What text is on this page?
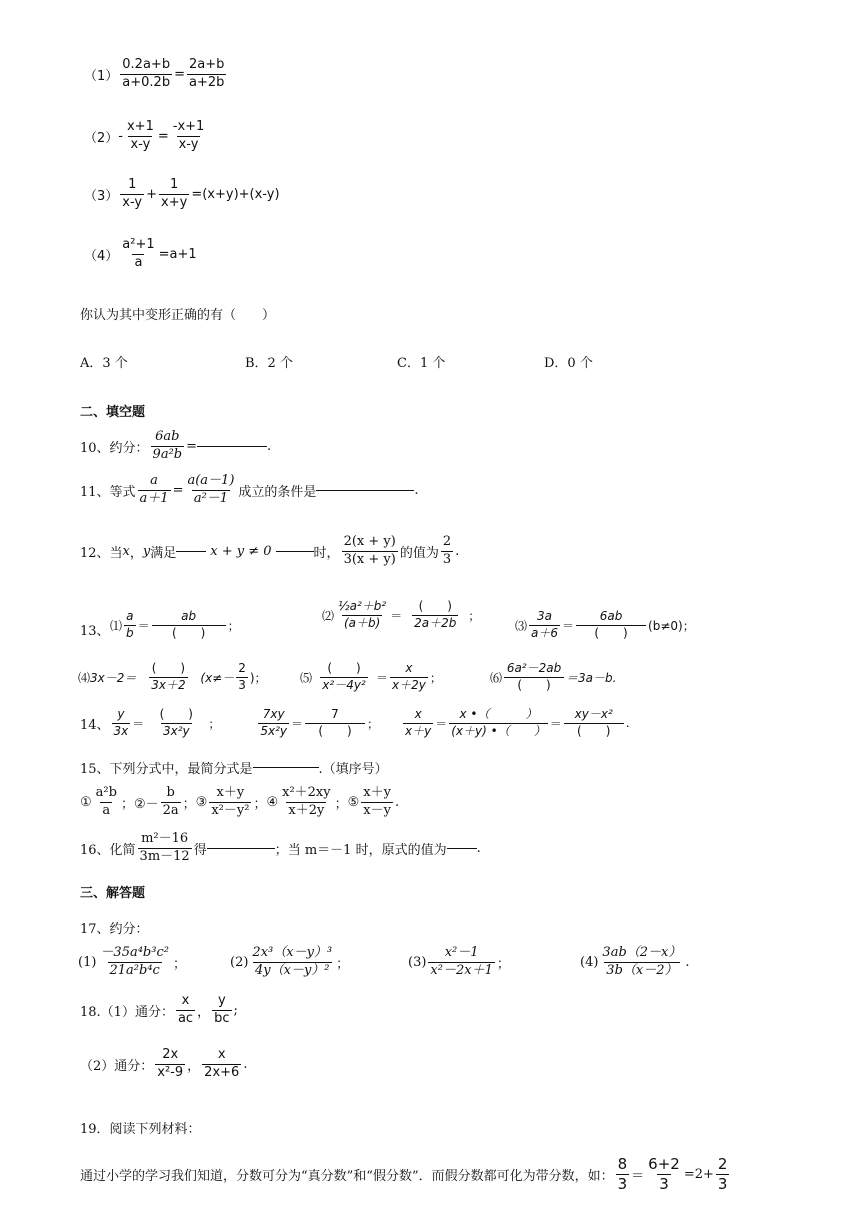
$(1) \frac{0.2a+b}{a+0.2b} = \frac{2a+b}{a+2b}$
$(2) - \frac{x+1}{x-y} = \frac{-x+1}{x-y}$
$(3) \frac{1}{x-y} + \frac{1}{x+y} =(x+y)+(x-y)$
$(4) \frac{\text{a²+1}}{a} =a+1$
你认为其中变形正确的有（　　）
A．3 个	B．2 个	C．1 个	D．0 个
二、填空题
10、约分： $\frac{6ab}{\text{9a²b}}$ =	.
11、等式 $\frac{a}{a+1} = \frac{a(a-1)}{\text{a²－1}}$ 成立的条件是	.
12、当 x ， y 满足	x + y ≠ 0	时， $\frac{2(x + y)}{3(x + y)}$ 的值为 $\frac{2}{3}$ .
13、 ⑴ $\frac{a}{b} = \frac{ab}{( )}$ ；
⑵ $\frac{\text{½a²＋b²}}{(a+b)} = \frac{( )}{2a+2b}$ ；
⑶ $\frac{3a}{a+6} = \frac{6ab}{( )} (b\ne 0)$；
⑷ $3x-2= \frac{( )}{3x+2} (x\ne- \frac{2}{3}$ )；	⑸ $\frac{( )}{\text{x²－4y²}} = \frac{x}{x+2y}$ ；	⑹ $\frac{\text{6a²－2ab}}{( )} =3a-b$.
14、 $\frac{y}{3x} = \frac{( )}{\text{3x²y}}$ ；	$\frac{7xy}{\text{5x²y}} = \frac{7}{( )}$ ； $\frac{x}{x+y} = \frac{x •( )}{(x+y) •( )} = \frac{\text{xy－x²}}{( )}$ .
15、下列分式中，最简分式是	.（填序号）
① $\frac{\text{a²b}}{a}$ ； ②－ $\frac{b}{2a}$ ； ③ $\frac{x+y}{\text{x²－y²}}$ ； ④ $\frac{\text{x²＋2xy}}{x+2y}$ ； ⑤ $\frac{x+y}{x-y}$ .
16、化简 $\frac{\text{m²－16}}{3m-12}$ 得	；当 m＝－1 时，原式的值为 .
三、解答题
17、约分：
$(1) \frac{\text{－35a⁴b³c²}}{\text{21a²b⁴c}}$ ；	$(2) \frac{\text{2x³（x－y）³}}{\text{4y（x－y）²}}$ ；	$(3) \frac{\text{x²－1}}{\text{x²－2x＋1}}$ ；	$(4) \frac{3ab(2-x)}{3b(x-2)}$ .
18.（1）通分： $\frac{x}{ac}$ ， $\frac{y}{bc}$ ;
（2）通分： $\frac{2x}{\text{x²-9}}$ ， $\frac{x}{2x+6}$ .
19．阅读下列材料：
通过小学的学习我们知道，分数可分为“真分数”和“假分数”．而假分数都可化为带分数，如： $\frac{8}{3} = \frac{6+2}{3} =2+ \frac{2}{3}$
